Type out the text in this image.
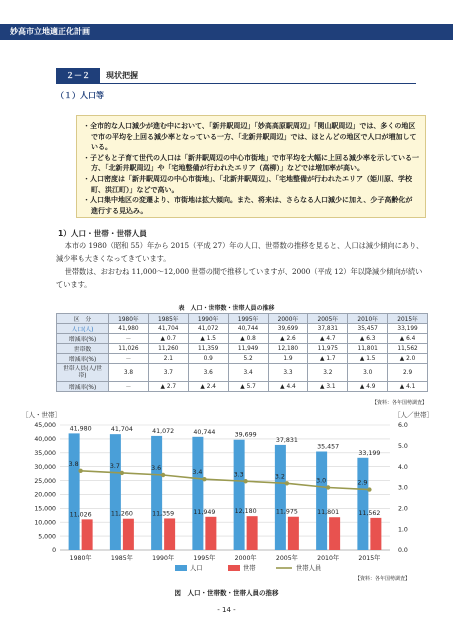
妙高市立地適正化計画
２－２	現状把握
（１）人口等

・全市的な人口減少が進む中において、「新井駅周辺」「妙高高原駅周辺」「関山駅周辺」では、多くの地区で市の平均を上回る減少率となっている一方、「北新井駅周辺」では、ほとんどの地区で人口が増加している。

・子どもと子育て世代の人口は「新井駅周辺の中心市街地」で市平均を大幅に上回る減少率を示している一方、「北新井駅周辺」や「宅地整備が行われたエリア（高柳）」などでは増加率が高い。

・人口密度は「新井駅周辺の中心市街地」、「北新井駅周辺」、「宅地整備が行われたエリア（姫川原、学校町、洪江町）」などで高い。

・人口集中地区の変遷より、市街地は拡大傾向。また、将来は、さらなる人口減少に加え、少子高齢化が進行する見込み。

1）人口・世帯・世帯人員

本市の 1980（昭和 55）年から 2015（平成 27）年の人口、世帯数の推移を見ると、人口は減少傾向にあり、減少率も大きくなってきています。

世帯数は、おおむね 11,000～12,000 世帯の間で推移していますが、2000（平成 12）年以降減少傾向が続いています。

表　人口・世帯数・世帯人員の推移
区　分	1980年	1985年	1990年	1995年	2000年	2005年	2010年	2015年
人口(人)	41,980	41,704	41,072	40,744	39,699	37,831	35,457	33,199
増減率(%)	－	▲ 0.7	▲ 1.5	▲ 0.8	▲ 2.6	▲ 4.7	▲ 6.3	▲ 6.4
世帯数	11,026	11,260	11,359	11,949	12,180	11,975	11,801	11,562
増減率(%)	－	2.1	0.9	5.2	1.9	▲ 1.7	▲ 1.5	▲ 2.0
世帯人員(人/世帯)	3.8	3.7	3.6	3.4	3.3	3.2	3.0	2.9
増減率(%)	－	▲ 2.7	▲ 2.4	▲ 5.7	▲ 4.4	▲ 3.1	▲ 4.9	▲ 4.1
【資料：各年国勢調査】
［人・世帯］	［人／世帯］
0
5,000
10,000
15,000
20,000
25,000
30,000
35,000
40,000
45,000
0.0
1.0
2.0
3.0
4.0
5.0
6.0
41,980
11,026
1980年
41,704
11,260
1985年
41,072
11,359
1990年
40,744
11,949
1995年
39,699
12,180
2000年
37,831
11,975
2005年
35,457
11,801
2010年
33,199
11,562
2015年
3.8	3.7	3.6
3.4	3.3	3.2
3.0	2.9
人口	世帯	世帯人員
【資料：各年国勢調査】
図　人口・世帯数・世帯人員の推移
- 14 -
